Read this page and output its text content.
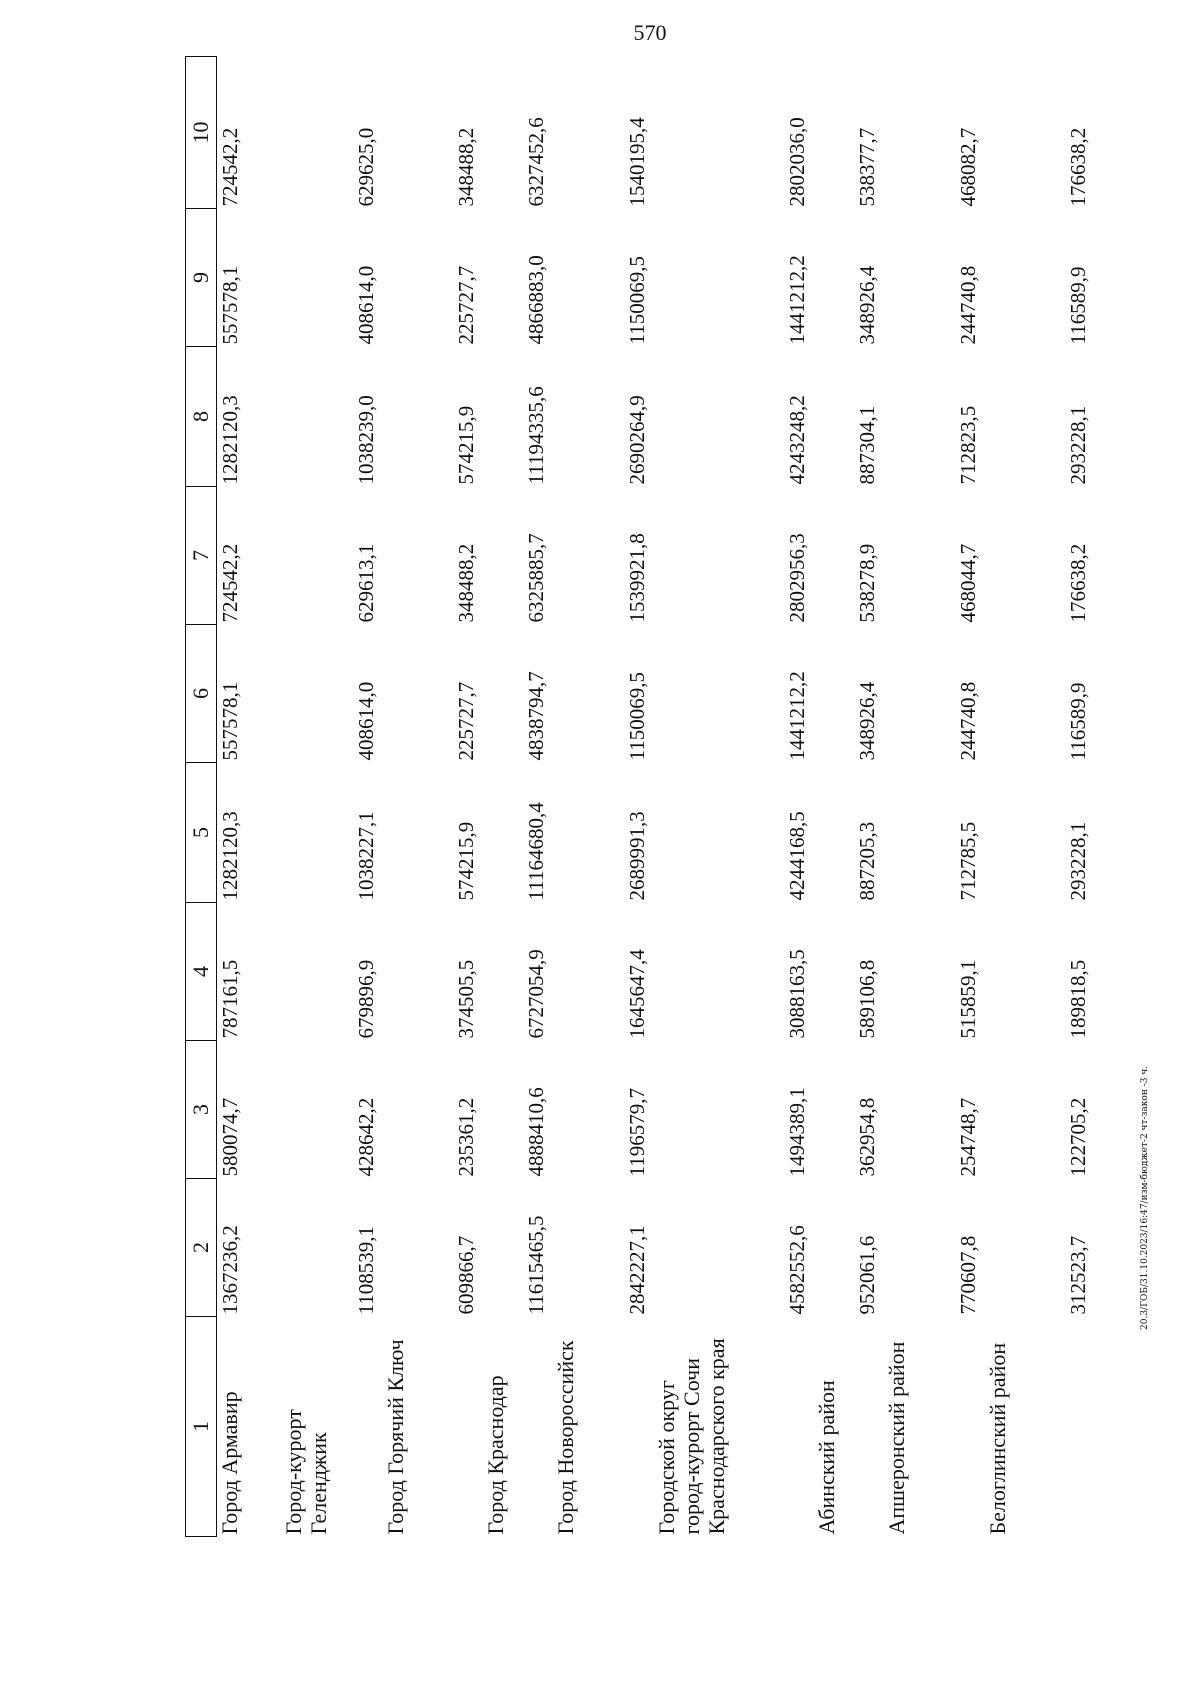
570
1	2	3	4	5	6	7	8	9	10
Город Армавир	1367236,2	580074,7	787161,5	1282120,3	557578,1	724542,2	1282120,3	557578,1	724542,2
Город-курорт Геленджик	1108539,1	428642,2	679896,9	1038227,1	408614,0	629613,1	1038239,0	408614,0	629625,0
Город Горячий Ключ	609866,7	235361,2	374505,5	574215,9	225727,7	348488,2	574215,9	225727,7	348488,2
Город Краснодар	11615465,5	4888410,6	6727054,9	11164680,4	4838794,7	6325885,7	11194335,6	4866883,0	6327452,6
Город Новороссийск	2842227,1	1196579,7	1645647,4	2689991,3	1150069,5	1539921,8	2690264,9	1150069,5	1540195,4
Городской округ город-курорт Сочи Краснодарского края	4582552,6	1494389,1	3088163,5	4244168,5	1441212,2	2802956,3	4243248,2	1441212,2	2802036,0
Абинский район	952061,6	362954,8	589106,8	887205,3	348926,4	538278,9	887304,1	348926,4	538377,7
Апшеронский район	770607,8	254748,7	515859,1	712785,5	244740,8	468044,7	712823,5	244740,8	468082,7
Белоглинский район	312523,7	122705,2	189818,5	293228,1	116589,9	176638,2	293228,1	116589,9	176638,2
20.3/ГОБ/31.10.2023/16:47/изм-бюджет-2 чт-закон -3 ч.
